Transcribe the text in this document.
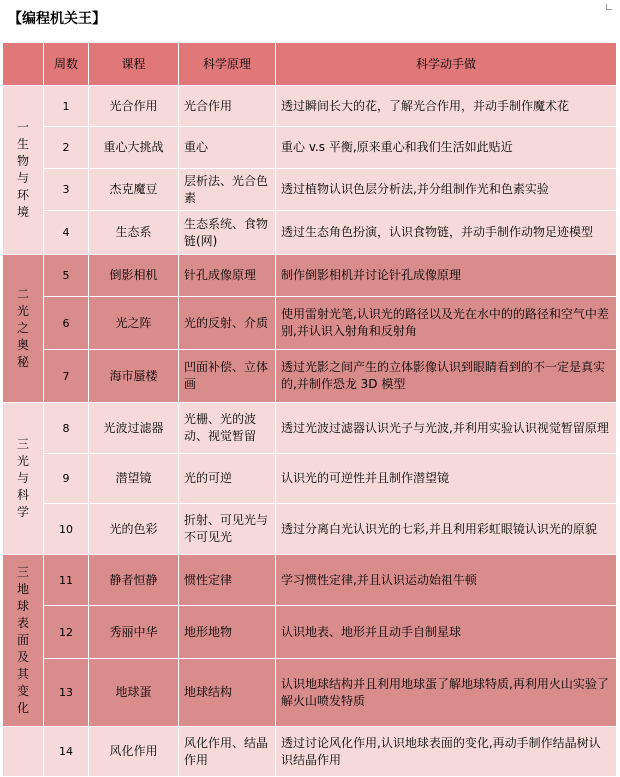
【编程机关王】
	周数	课程	科学原理	科学动手做
一生物与环境	1	光合作用	光合作用	透过瞬间长大的花，了解光合作用，并动手制作魔术花
	2	重心大挑战	重心	重心 v.s 平衡,原来重心和我们生活如此贴近
	3	杰克魔豆	层析法、光合色素	透过植物认识色层分析法,并分组制作光和色素实验
	4	生态系	生态系统、食物链(网)	透过生态角色扮演，认识食物链，并动手制作动物足迹模型
二光之奥秘	5	倒影相机	针孔成像原理	制作倒影相机并讨论针孔成像原理
	6	光之阵	光的反射、介质	使用雷射光笔,认识光的路径以及光在水中的的路径和空气中差别,并认识入射角和反射角
	7	海市蜃楼	凹面补偿、立体画	透过光影之间产生的立体影像认识到眼睛看到的不一定是真实的,并制作恐龙 3D 模型
三光与科学	8	光波过滤器	光栅、光的波动、视觉暂留	透过光波过滤器认识光子与光波,并利用实验认识视觉暂留原理
	9	潜望镜	光的可逆	认识光的可逆性并且制作潜望镜
	10	光的色彩	折射、可见光与不可见光	透过分离白光认识光的七彩,并且利用彩虹眼镜认识光的原貌
三地球表面及其变化	11	静者恒静	惯性定律	学习惯性定律,并且认识运动始祖牛顿
	12	秀丽中华	地形地物	认识地表、地形并且动手自制星球
	13	地球蛋	地球结构	认识地球结构并且利用地球蛋了解地球特质,再利用火山实验了解火山喷发特质
	14	风化作用	风化作用、结晶作用	透过讨论风化作用,认识地球表面的变化,再动手制作结晶树认识结晶作用
